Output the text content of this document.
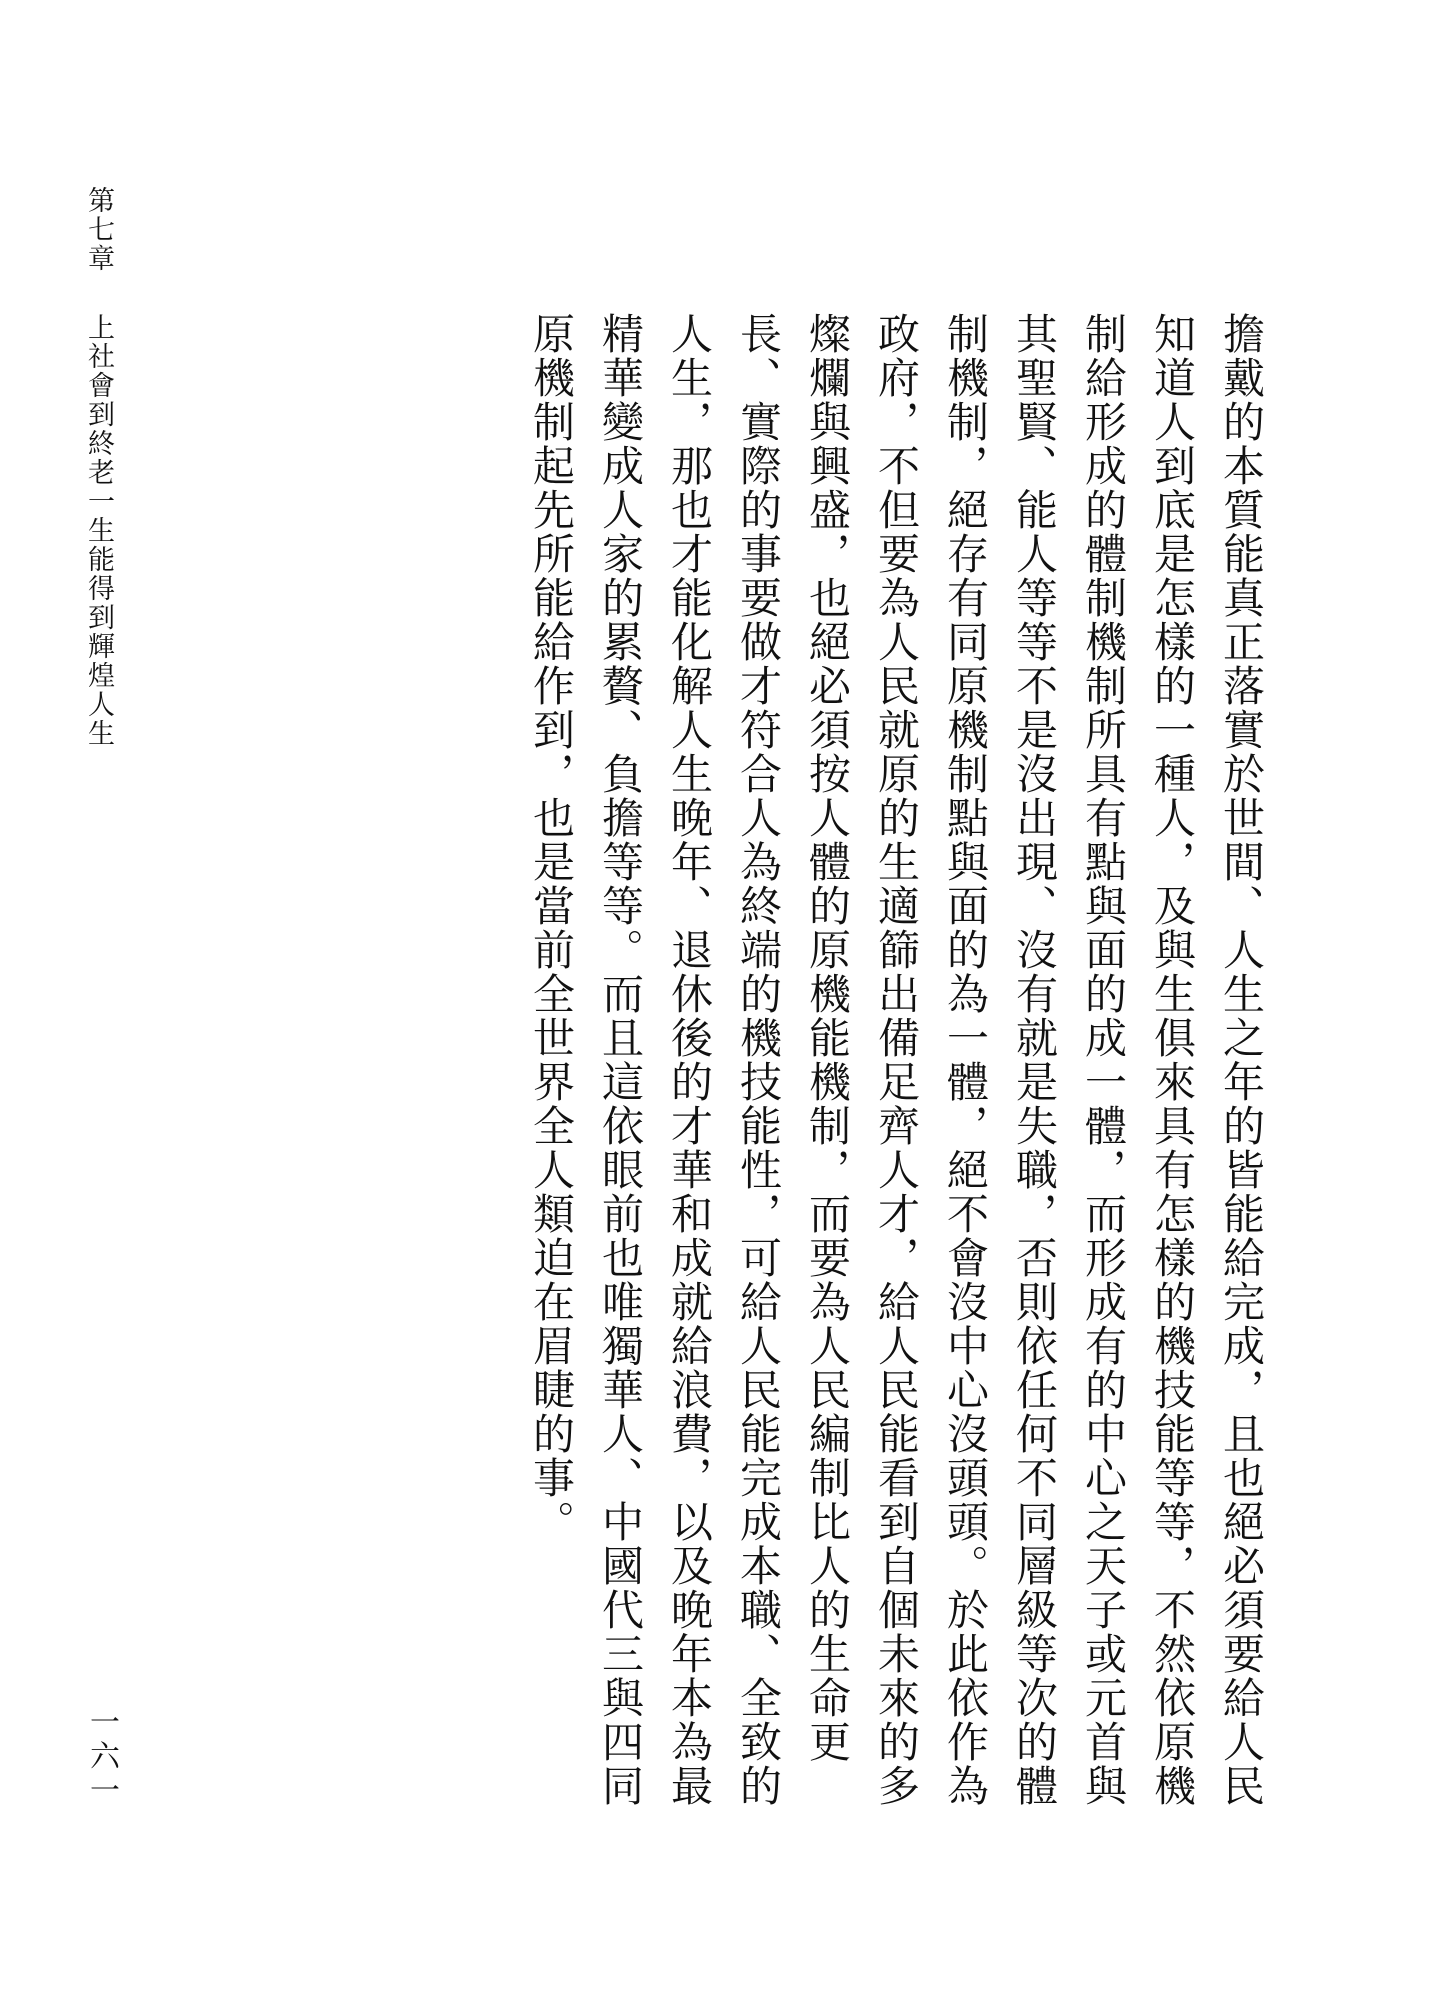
第七章上社會到終老一生能得到輝煌人生
一六一	擔戴的本質能真正落實於世間、人生之年的皆能給完成，且也絕必須要給人民
知道人到底是怎樣的一種人，及與生俱來具有怎樣的機技能等等，不然依原機
制給形成的體制機制所具有點與面的成一體，而形成有的中心之天子或元首與
其聖賢、能人等等不是沒出現、沒有就是失職，否則依任何不同層級等次的體
制機制，絕存有同原機制點與面的為一體，絕不會沒中心沒頭頭。於此依作為
政府，不但要為人民就原的生適篩出備足齊人才，給人民能看到自個未來的多
燦爛與興盛，也絕必須按人體的原機能機制，而要為人民編制比人的生命更
長、實際的事要做才符合人為終端的機技能性，可給人民能完成本職、全致的
人生，那也才能化解人生晚年、退休後的才華和成就給浪費，以及晚年本為最
精華變成人家的累贅、負擔等等。而且這依眼前也唯獨華人、中國代三與四同
原機制起先所能給作到，也是當前全世界全人類迫在眉睫的事。
